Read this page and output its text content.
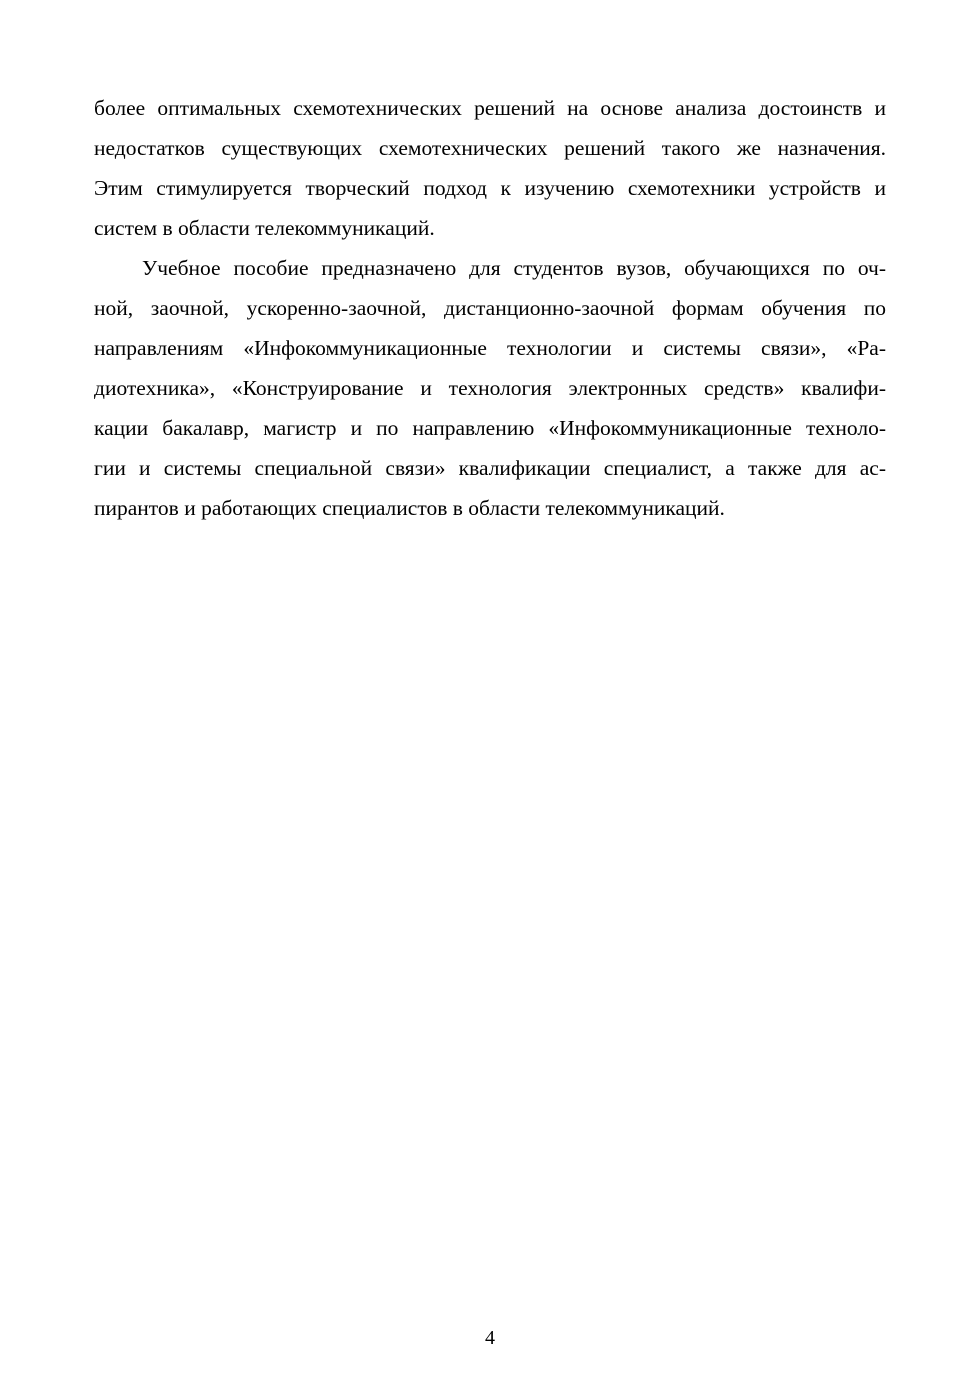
более оптимальных схемотехнических решений на основе анализа достоинств и
недостатков существующих схемотехнических решений такого же назначения.
Этим стимулируется творческий подход к изучению схемотехники устройств и
систем в области телекоммуникаций.

Учебное пособие предназначено для студентов вузов, обучающихся по оч-
ной, заочной, ускоренно-заочной, дистанционно-заочной формам обучения по
направлениям «Инфокоммуникационные технологии и системы связи», «Ра-
диотехника», «Конструирование и технология электронных средств» квалифи-
кации бакалавр, магистр и по направлению «Инфокоммуникационные техноло-
гии и системы специальной связи» квалификации специалист, а также для ас-
пирантов и работающих специалистов в области телекоммуникаций.

4
